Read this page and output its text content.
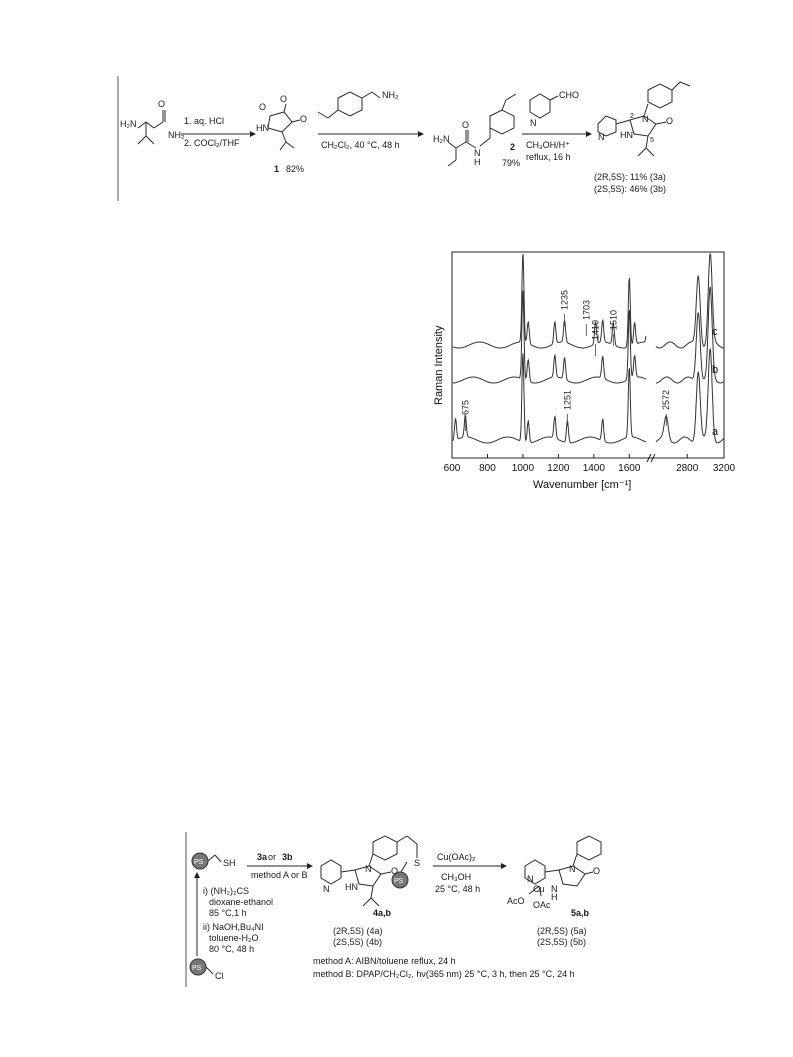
H₂N
O
NH₂
1. aq. HCl
2. COCl₂/THF
O
O
O
HN
1 82%
NH₂
CH₂Cl₂, 40 °C, 48 h
H₂N
O
N
H
2
79%
CHO
N
CH₃OH/H⁺
reflux, 16 h
N
N
HN
O
2
5
(2R,5S): 11% (3a)
(2S,5S): 46% (3b)
600 800 1000 1200 1400 1600	2800 3200
1235
1410 1510
1703
675	1251	2572
c
b
a
Raman Intensity
Wavenumber [cm⁻¹]
PS SH
i) (NH₂)₂CS
dioxane-ethanol
85 °C,1 h
ii) NaOH,Bu₄NI
toluene-H₂O
80 °C, 48 h
PS
Cl
3a or 3b
method A or B
PS
S
N
N
HN
O
4a,b
(2R,5S) (4a)
(2S,5S) (4b)
Cu(OAc)₂
CH₃OH
25 °C, 48 h
N
N
Cu N
H
O
AcO OAc
5a,b
(2R,5S) (5a)
(2S,5S) (5b)
method A: AIBN/toluene reflux, 24 h
method B: DPAP/CH₂Cl₂, hν(365 nm) 25 °C, 3 h, then 25 °C, 24 h
